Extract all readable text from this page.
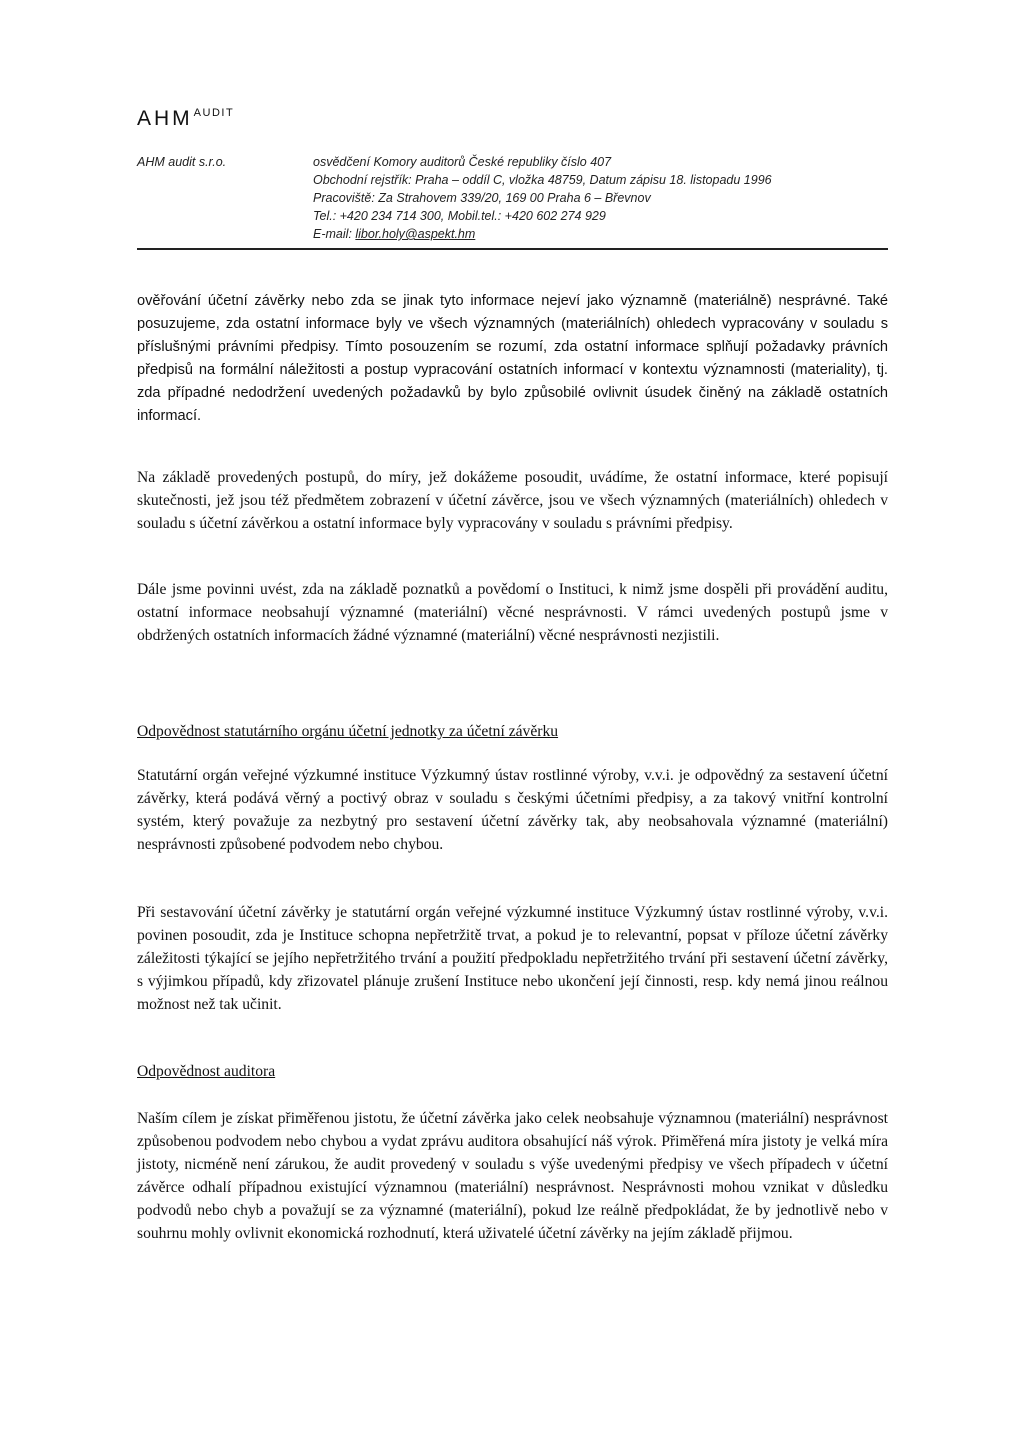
$AHM^{AUDIT}$
AHM audit s.r.o.	osvědčení Komory auditorů České republiky číslo 407
Obchodní rejstřík: Praha – oddíl C, vložka 48759, Datum zápisu 18. listopadu 1996
Pracoviště: Za Strahovem 339/20, 169 00 Praha 6 – Břevnov
Tel.: +420 234 714 300, Mobil.tel.: +420 602 274 929
E-mail: libor.holy@aspekt.hm

ověřování účetní závěrky nebo zda se jinak tyto informace nejeví jako významně (materiálně) nesprávné. Také posuzujeme, zda ostatní informace byly ve všech významných (materiálních) ohledech vypracovány v souladu s příslušnými právními předpisy. Tímto posouzením se rozumí, zda ostatní informace splňují požadavky právních předpisů na formální náležitosti a postup vypracování ostatních informací v kontextu významnosti (materiality), tj. zda případné nedodržení uvedených požadavků by bylo způsobilé ovlivnit úsudek činěný na základě ostatních informací.

Na základě provedených postupů, do míry, jež dokážeme posoudit, uvádíme, že ostatní informace, které popisují skutečnosti, jež jsou též předmětem zobrazení v účetní závěrce, jsou ve všech významných (materiálních) ohledech v souladu s účetní závěrkou a ostatní informace byly vypracovány v souladu s právními předpisy.

Dále jsme povinni uvést, zda na základě poznatků a povědomí o Instituci, k nimž jsme dospěli při provádění auditu, ostatní informace neobsahují významné (materiální) věcné nesprávnosti. V rámci uvedených postupů jsme v obdržených ostatních informacích žádné významné (materiální) věcné nesprávnosti nezjistili.

Odpovědnost statutárního orgánu účetní jednotky za účetní závěrku

Statutární orgán veřejné výzkumné instituce Výzkumný ústav rostlinné výroby, v.v.i. je odpovědný za sestavení účetní závěrky, která podává věrný a poctivý obraz v souladu s českými účetními předpisy, a za takový vnitřní kontrolní systém, který považuje za nezbytný pro sestavení účetní závěrky tak, aby neobsahovala významné (materiální) nesprávnosti způsobené podvodem nebo chybou.

Při sestavování účetní závěrky je statutární orgán veřejné výzkumné instituce Výzkumný ústav rostlinné výroby, v.v.i. povinen posoudit, zda je Instituce schopna nepřetržitě trvat, a pokud je to relevantní, popsat v příloze účetní závěrky záležitosti týkající se jejího nepřetržitého trvání a použití předpokladu nepřetržitého trvání při sestavení účetní závěrky, s výjimkou případů, kdy zřizovatel plánuje zrušení Instituce nebo ukončení její činnosti, resp. kdy nemá jinou reálnou možnost než tak učinit.

Odpovědnost auditora

Naším cílem je získat přiměřenou jistotu, že účetní závěrka jako celek neobsahuje významnou (materiální) nesprávnost způsobenou podvodem nebo chybou a vydat zprávu auditora obsahující náš výrok. Přiměřená míra jistoty je velká míra jistoty, nicméně není zárukou, že audit provedený v souladu s výše uvedenými předpisy ve všech případech v účetní závěrce odhalí případnou existující významnou (materiální) nesprávnost. Nesprávnosti mohou vznikat v důsledku podvodů nebo chyb a považují se za významné (materiální), pokud lze reálně předpokládat, že by jednotlivě nebo v souhrnu mohly ovlivnit ekonomická rozhodnutí, která uživatelé účetní závěrky na jejím základě přijmou.
